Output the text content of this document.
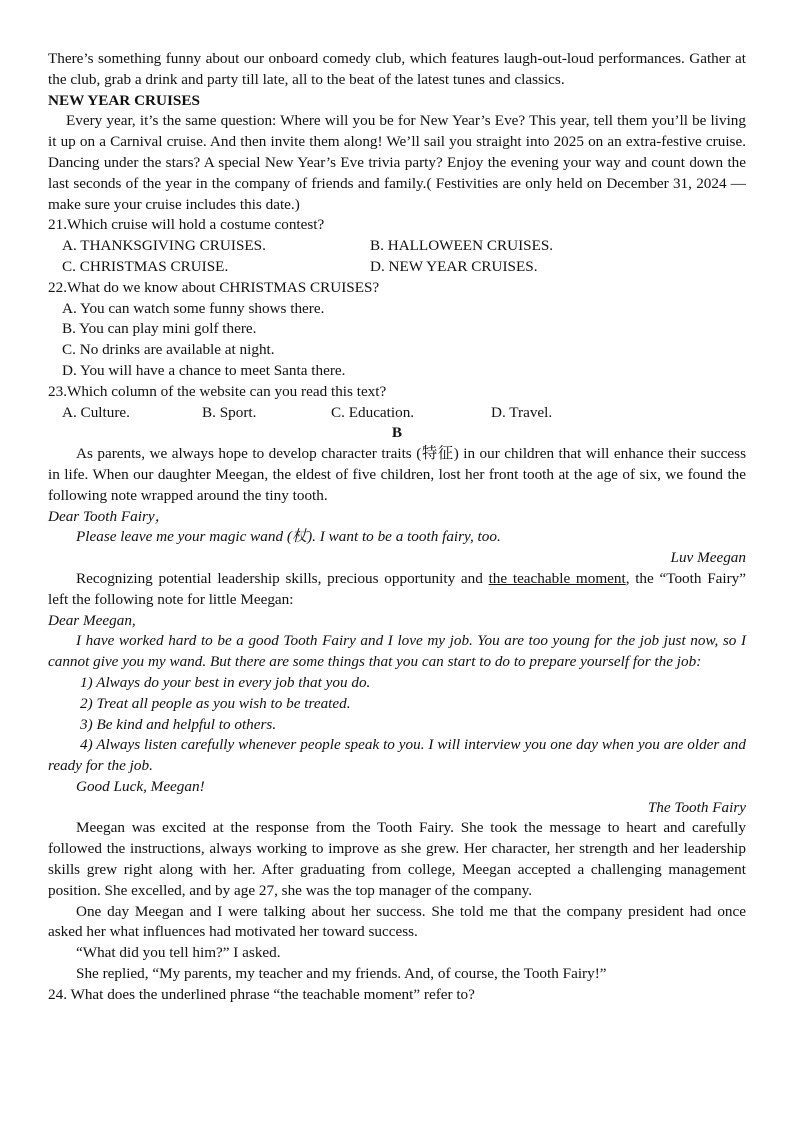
There’s something funny about our onboard comedy club, which features laugh-out-loud performances. Gather at the club, grab a drink and party till late, all to the beat of the latest tunes and classics.

NEW YEAR CRUISES

Every year, it’s the same question: Where will you be for New Year’s Eve? This year, tell them you’ll be living it up on a Carnival cruise. And then invite them along! We’ll sail you straight into 2025 on an extra-festive cruise. Dancing under the stars? A special New Year’s Eve trivia party? Enjoy the evening your way and count down the last seconds of the year in the company of friends and family.( Festivities are only held on December 31, 2024 — make sure your cruise includes this date.)

21.Which cruise will hold a costume contest?

A. THANKSGIVING CRUISES.	B. HALLOWEEN CRUISES.
C. CHRISTMAS CRUISE.	D. NEW YEAR CRUISES.

22.What do we know about CHRISTMAS CRUISES?

A. You can watch some funny shows there.

B. You can play mini golf there.

C. No drinks are available at night.

D. You will have a chance to meet Santa there.

23.Which column of the website can you read this text?

A. Culture.	B. Sport.	C. Education.	D. Travel.

B

As parents, we always hope to develop character traits (特征) in our children that will enhance their success in life. When our daughter Meegan, the eldest of five children, lost her front tooth at the age of six, we found the following note wrapped around the tiny tooth.

Dear Tooth Fairy，

Please leave me your magic wand (杖). I want to be a tooth fairy, too.

Luv Meegan

Recognizing potential leadership skills, precious opportunity and the teachable moment, the “Tooth Fairy” left the following note for little Meegan:

Dear Meegan,

I have worked hard to be a good Tooth Fairy and I love my job. You are too young for the job just now, so I cannot give you my wand. But there are some things that you can start to do to prepare yourself for the job:

1) Always do your best in every job that you do.

2) Treat all people as you wish to be treated.

3) Be kind and helpful to others.

4) Always listen carefully whenever people speak to you. I will interview you one day when you are older and ready for the job.

Good Luck, Meegan!

The Tooth Fairy

Meegan was excited at the response from the Tooth Fairy. She took the message to heart and carefully followed the instructions, always working to improve as she grew. Her character, her strength and her leadership skills grew right along with her. After graduating from college, Meegan accepted a challenging management position. She excelled, and by age 27, she was the top manager of the company.

One day Meegan and I were talking about her success. She told me that the company president had once asked her what influences had motivated her toward success.

“What did you tell him?” I asked.

She replied, “My parents, my teacher and my friends. And, of course, the Tooth Fairy!”

24. What does the underlined phrase “the teachable moment” refer to?
